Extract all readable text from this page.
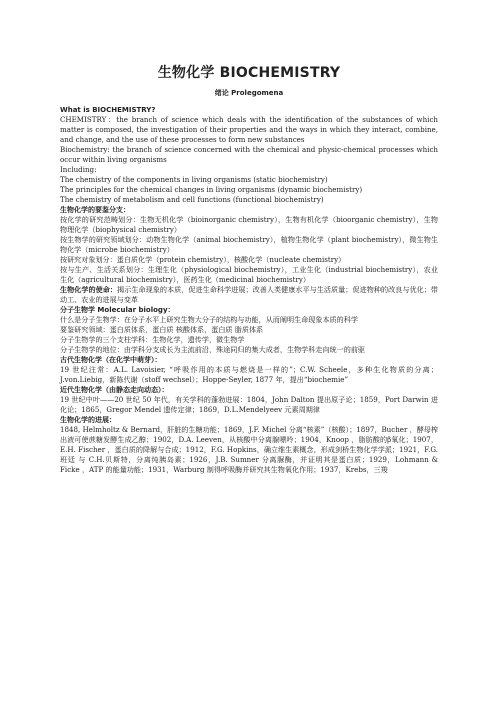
生物化学 BIOCHEMISTRY
绪论 Prolegomena

What is BIOCHEMISTRY?

CHEMISTRY：the branch of science which deals with the identification of the substances of which matter is composed, the investigation of their properties and the ways in which they interact, combine, and change, and the use of these processes to form new substances

Biochemistry: the branch of science concerned with the chemical and physic-chemical processes which occur within living organisms

Including:

The chemistry of the components in living organisms (static biochemistry)

The principles for the chemical changes in living organisms (dynamic biochemistry)

The chemistry of metabolism and cell functions (functional biochemistry)

生物化学的要鉴分支：

按化学的研究范畴划分：生物无机化学（bioinorganic chemistry），生物有机化学（bioorganic chemistry），生物物理化学（biophysical chemistry）

按生物学的研究领域划分：动物生物化学（animal biochemistry），植物生物化学（plant biochemistry），微生物生物化学（microbe biochemistry）

按研究对象划分：蛋白质化学（protein chemistry），核酸化学（nucleate chemistry）

按与生产、生活关系划分：生理生化（physiological biochemistry），工业生化（industrial biochemistry），农业生化（agricultural biochemistry），医药生化（medicinal biochemistry）

生物化学的使命：揭示生命现象的本质，促进生命科学进展；改善人类健康水平与生活质量；促进物种的改良与优化；带动工、农业的进展与变革

分子生物学 Molecular biology：

什么是分子生物学：在分子水平上研究生物大分子的结构与功能，从而阐明生命现象本质的科学

要鉴研究领域：蛋白质体系，蛋白质 核酸体系，蛋白质 脂质体系

分子生物学的三个支柱学科：生物化学，遗传学，微生物学

分子生物学的地位：由学科分支成长为主流前沿，殊途同归的集大成者，生物学科走向统一的前驱

古代生物化学（在化学中萌芽）：

19 世纪注常：A.L. Lavoisier, “呼吸作用的本质与燃烧是一样的”；C.W. Scheele，多种生化物质的分离；J.von.Liebig，新陈代谢（stoff wechsel）；Hoppe-Seyler, 1877 年，提出“biochemie”

近代生物化学（由静态走向动态）：

19 世纪中叶——20 世纪 50 年代，有关学科的蓬勃进展：1804，John Dalton 提出原子论；1859，Port Darwin 进化论；1865，Gregor Mendel 遗传定律；1869，D.L.Mendelyeev 元素周期律

生物化学的进展：

1848, Helmholtz & Bernard，肝脏的生糖功能；1869，J.F. Michel 分离“核素”（核酸）；1897，Bucher ，酵母榨出液可使蔗糖发酵生成乙醇；1902，D.A. Leeven，从核酸中分离腺嘌呤；1904，Knoop ，脂肪酸的β氧化；1907，E.H. Fischer ，蛋白质的降解与合成；1912，F.G. Hopkins，确立维生素概念，形成剑桥生物化学学派；1921，F.G.班廷 与 C.H.贝斯特，分离纯胰岛素；1926，J.B. Sumner 分离脲酶，并证明其是蛋白质；1929，Lohmann & Ficke ，ATP 的能量功能；1931，Warburg 制得呼吸酶并研究其生物氧化作用；1937，Krebs，三羧
